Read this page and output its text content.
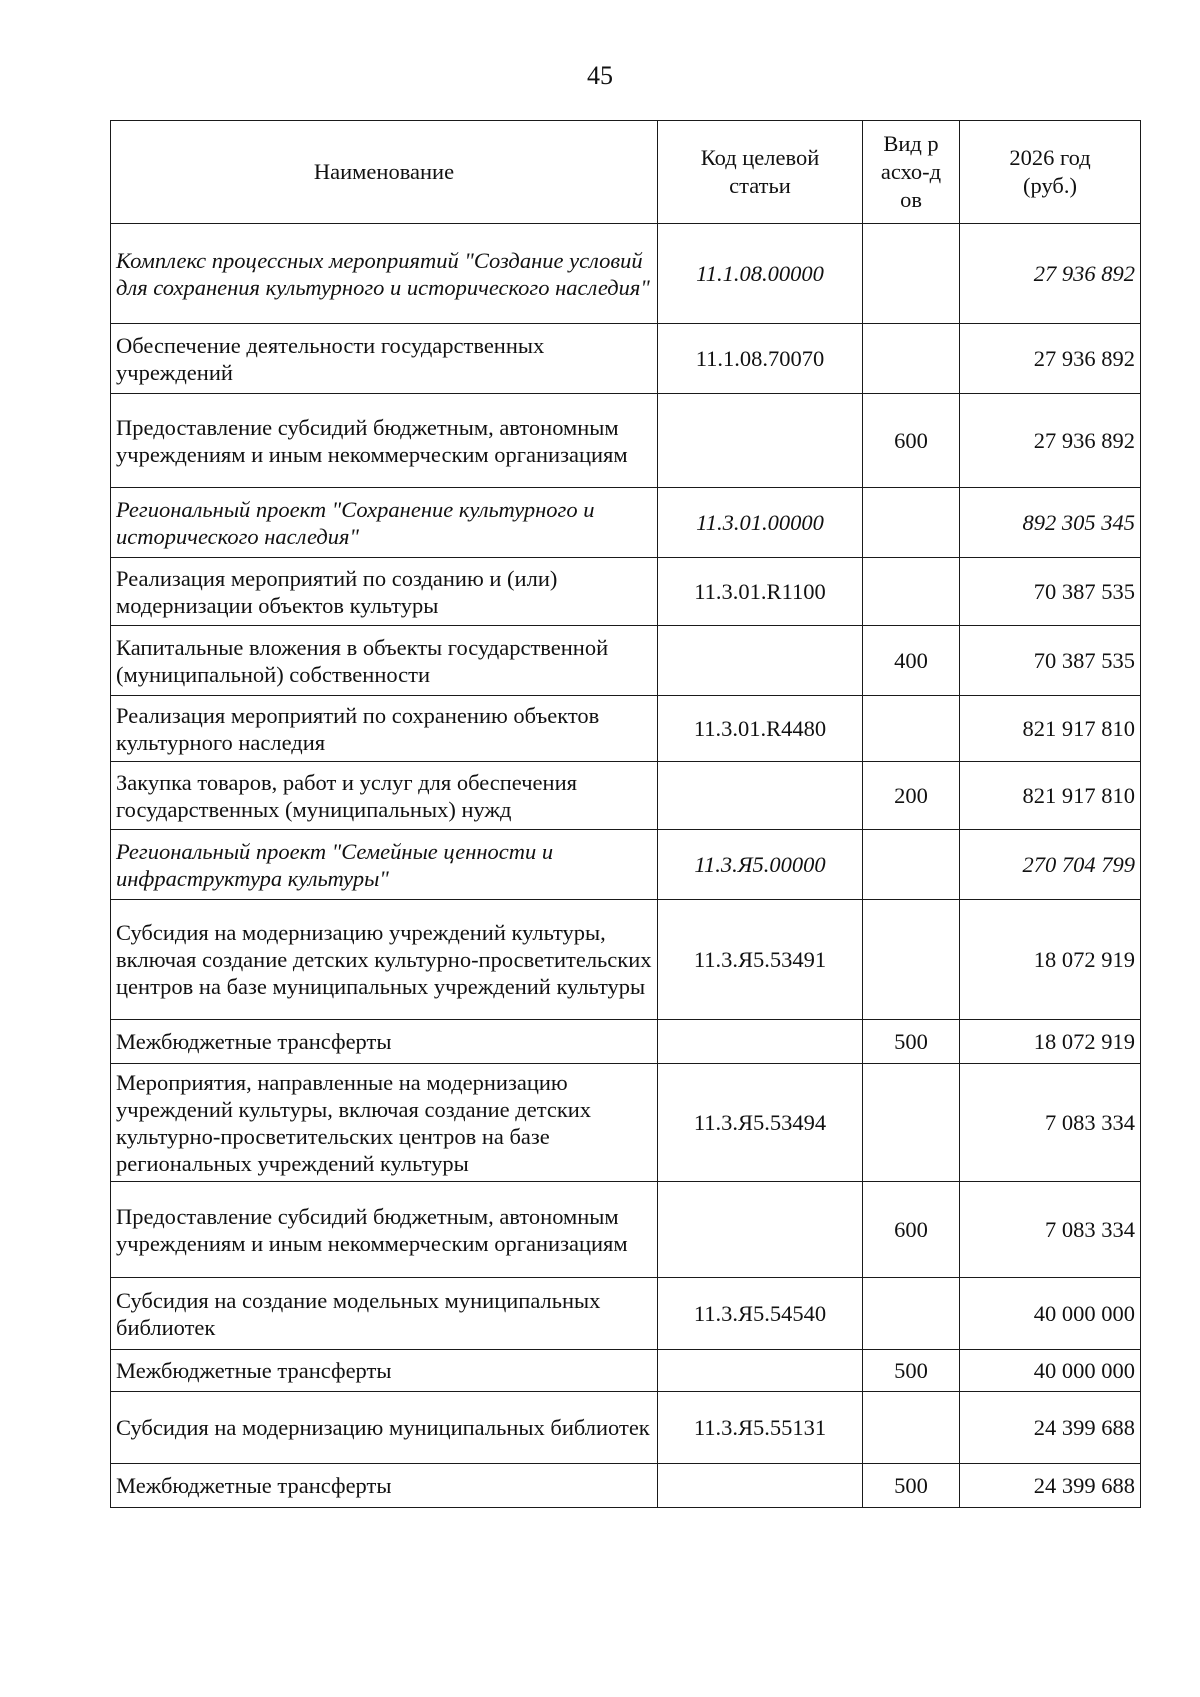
45
Наименование	Код целевой статьи	Вид расхо-дов	2026 год (руб.)

Комплекс процессных мероприятий "Создание условий для сохранения культурного и исторического наследия"	11.1.08.00000		27 936 892
Обеспечение деятельности государственных учреждений	11.1.08.70070		27 936 892
Предоставление субсидий бюджетным, автономным учреждениям и иным некоммерческим организациям		600	27 936 892
Региональный проект "Сохранение культурного и исторического наследия"	11.3.01.00000		892 305 345
Реализация мероприятий по созданию и (или) модернизации объектов культуры	11.3.01.R1100		70 387 535
Капитальные вложения в объекты государственной (муниципальной) собственности		400	70 387 535
Реализация мероприятий по сохранению объектов культурного наследия	11.3.01.R4480		821 917 810
Закупка товаров, работ и услуг для обеспечения государственных (муниципальных) нужд		200	821 917 810
Региональный проект "Семейные ценности и инфраструктура культуры"	11.3.Я5.00000		270 704 799
Субсидия на модернизацию учреждений культуры, включая создание детских культурно-просветительских центров на базе муниципальных учреждений культуры	11.3.Я5.53491		18 072 919
Межбюджетные трансферты		500	18 072 919
Мероприятия, направленные на модернизацию учреждений культуры, включая создание детских культурно-просветительских центров на базе региональных учреждений культуры	11.3.Я5.53494		7 083 334
Предоставление субсидий бюджетным, автономным учреждениям и иным некоммерческим организациям		600	7 083 334
Субсидия на создание модельных муниципальных библиотек	11.3.Я5.54540		40 000 000
Межбюджетные трансферты		500	40 000 000
Субсидия на модернизацию муниципальных библиотек	11.3.Я5.55131		24 399 688
Межбюджетные трансферты		500	24 399 688
